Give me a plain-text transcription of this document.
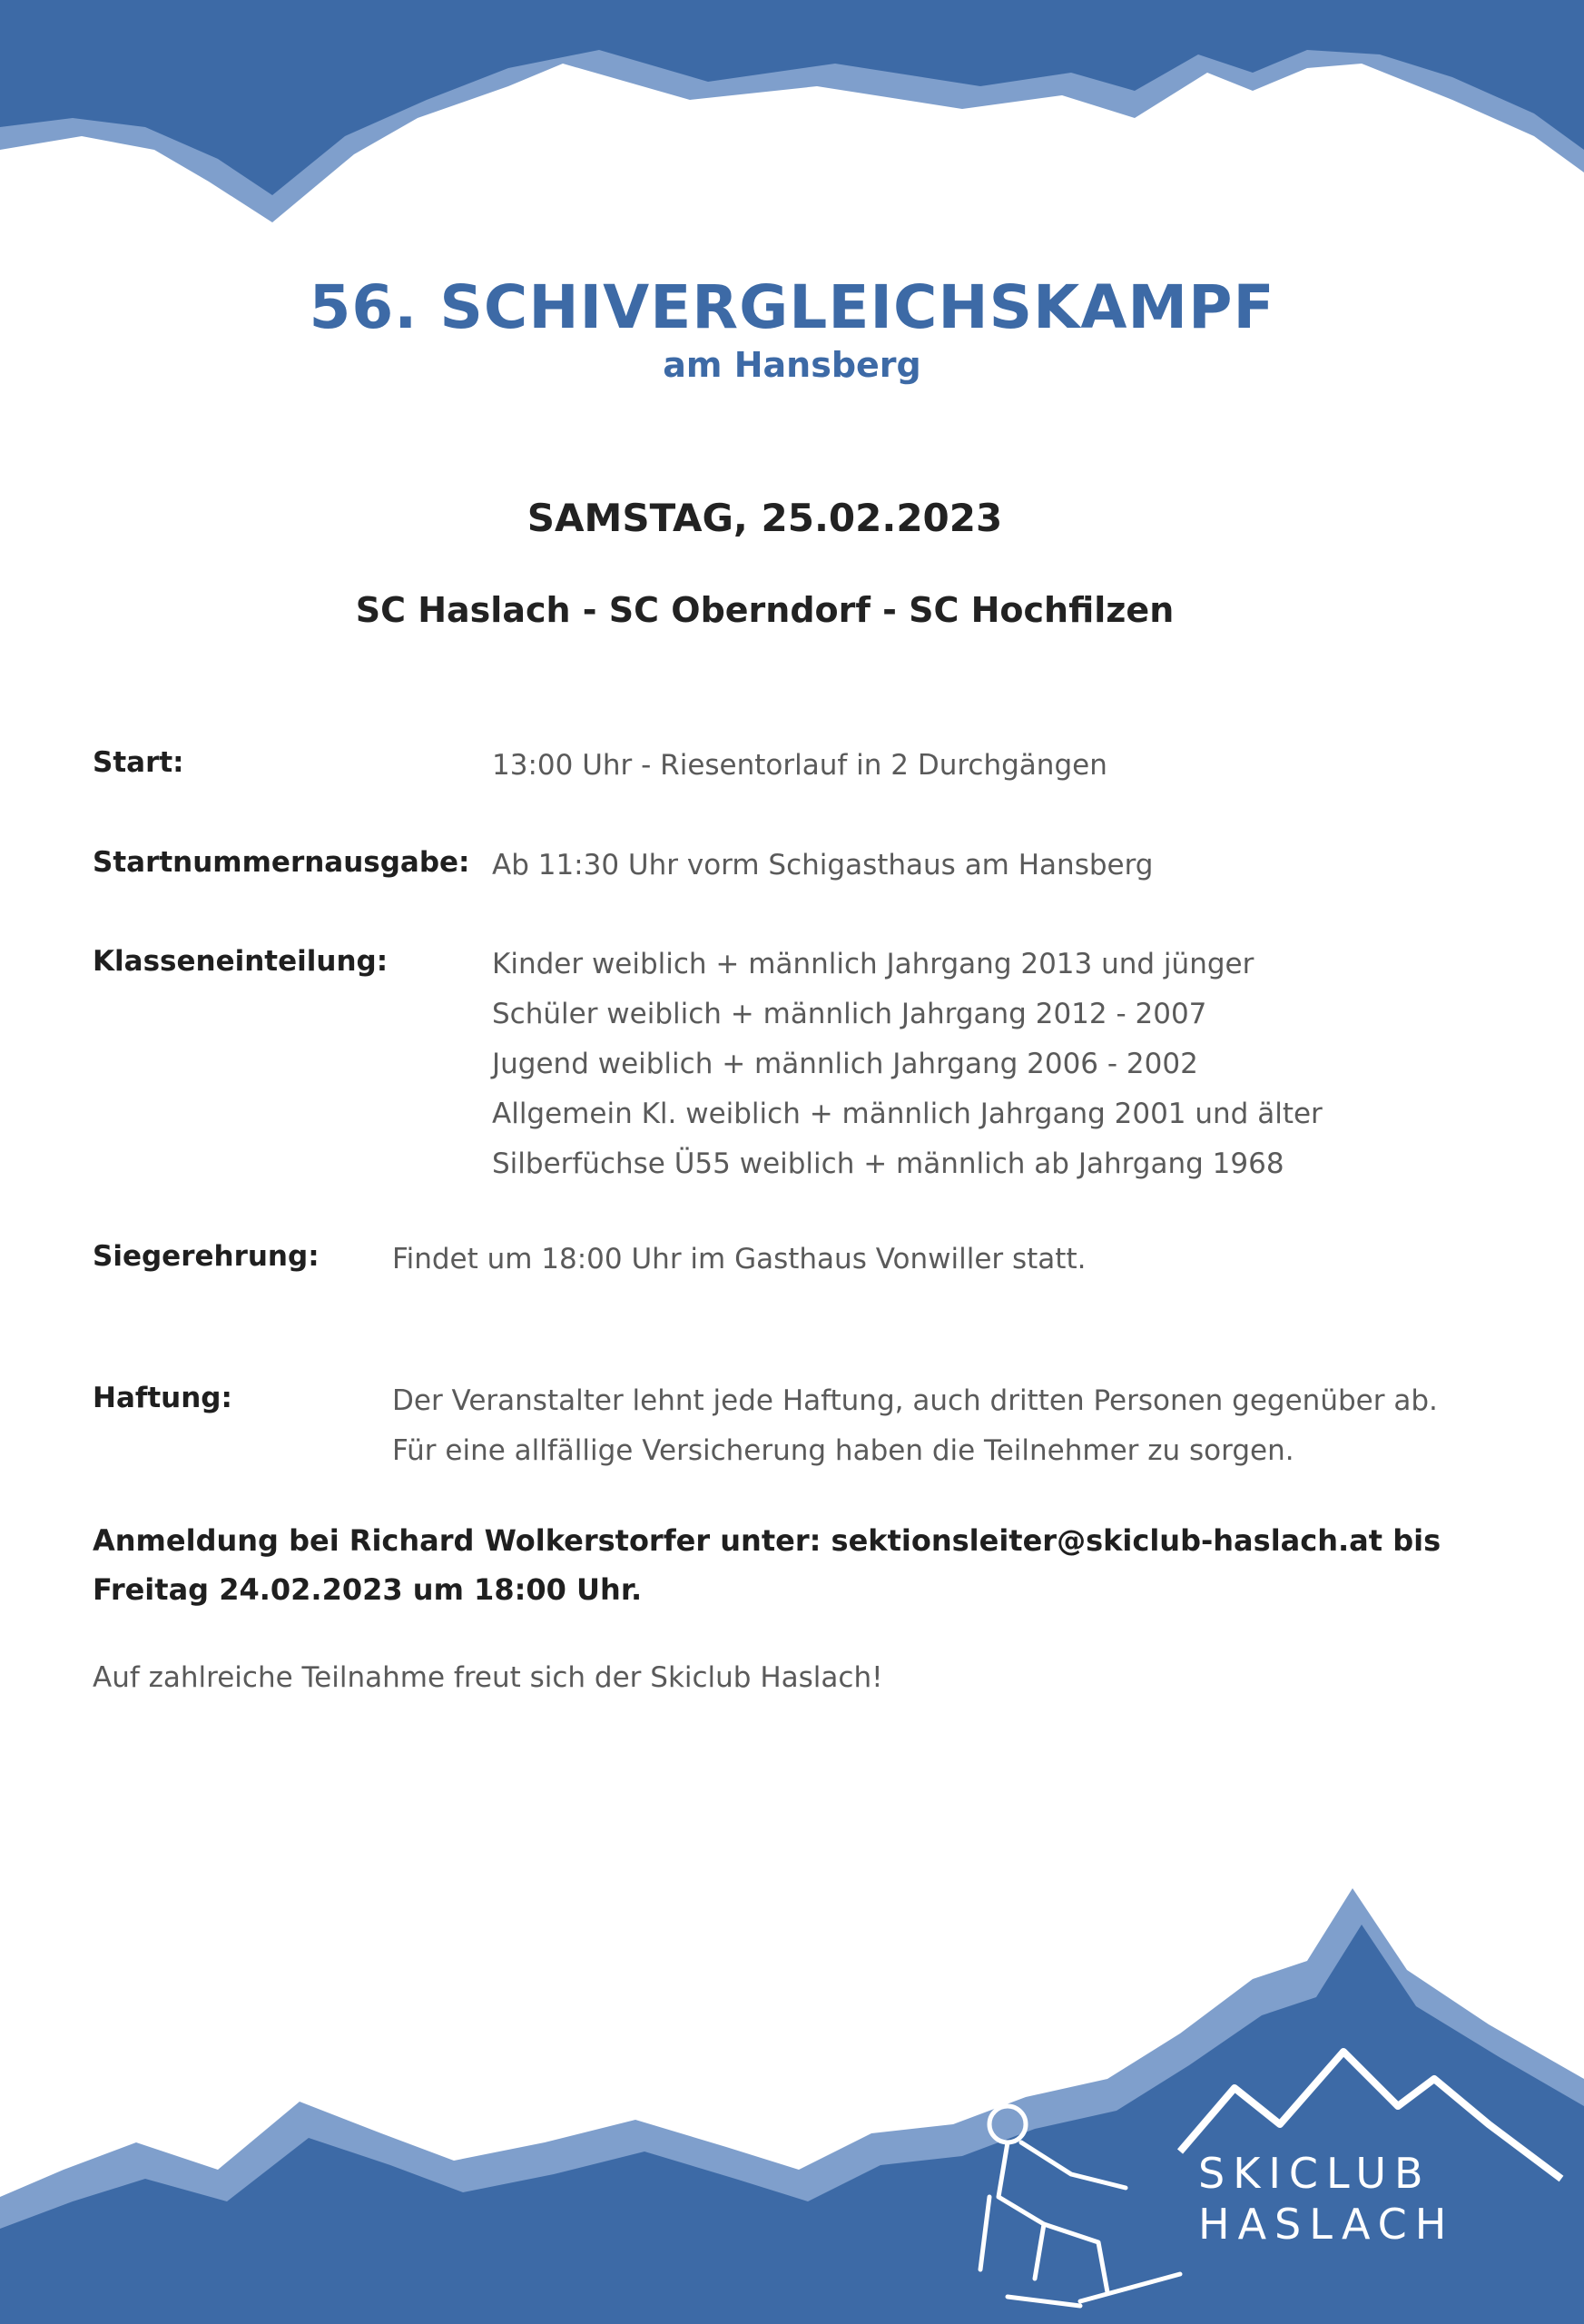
56. SCHIVERGLEICHSKAMPF
am Hansberg
SAMSTAG, 25.02.2023
SC Haslach - SC Oberndorf - SC Hochfilzen
Start:	13:00 Uhr - Riesentorlauf in 2 Durchgängen
Startnummernausgabe: Ab 11:30 Uhr vorm Schigasthaus am Hansberg
Klasseneinteilung:	Kinder weiblich + männlich Jahrgang 2013 und jünger
Schüler weiblich + männlich Jahrgang 2012 - 2007
Jugend weiblich + männlich Jahrgang 2006 - 2002
Allgemein Kl. weiblich + männlich Jahrgang 2001 und älter
Silberfüchse Ü55 weiblich + männlich ab Jahrgang 1968
Siegerehrung:	Findet um 18:00 Uhr im Gasthaus Vonwiller statt.
Haftung:	Der Veranstalter lehnt jede Haftung, auch dritten Personen gegenüber ab.
Für eine allfällige Versicherung haben die Teilnehmer zu sorgen.
Anmeldung bei Richard Wolkerstorfer unter: sektionsleiter@skiclub-haslach.at bis Freitag 24.02.2023 um 18:00 Uhr.
Auf zahlreiche Teilnahme freut sich der Skiclub Haslach!
SKICLUB
HASLACH
